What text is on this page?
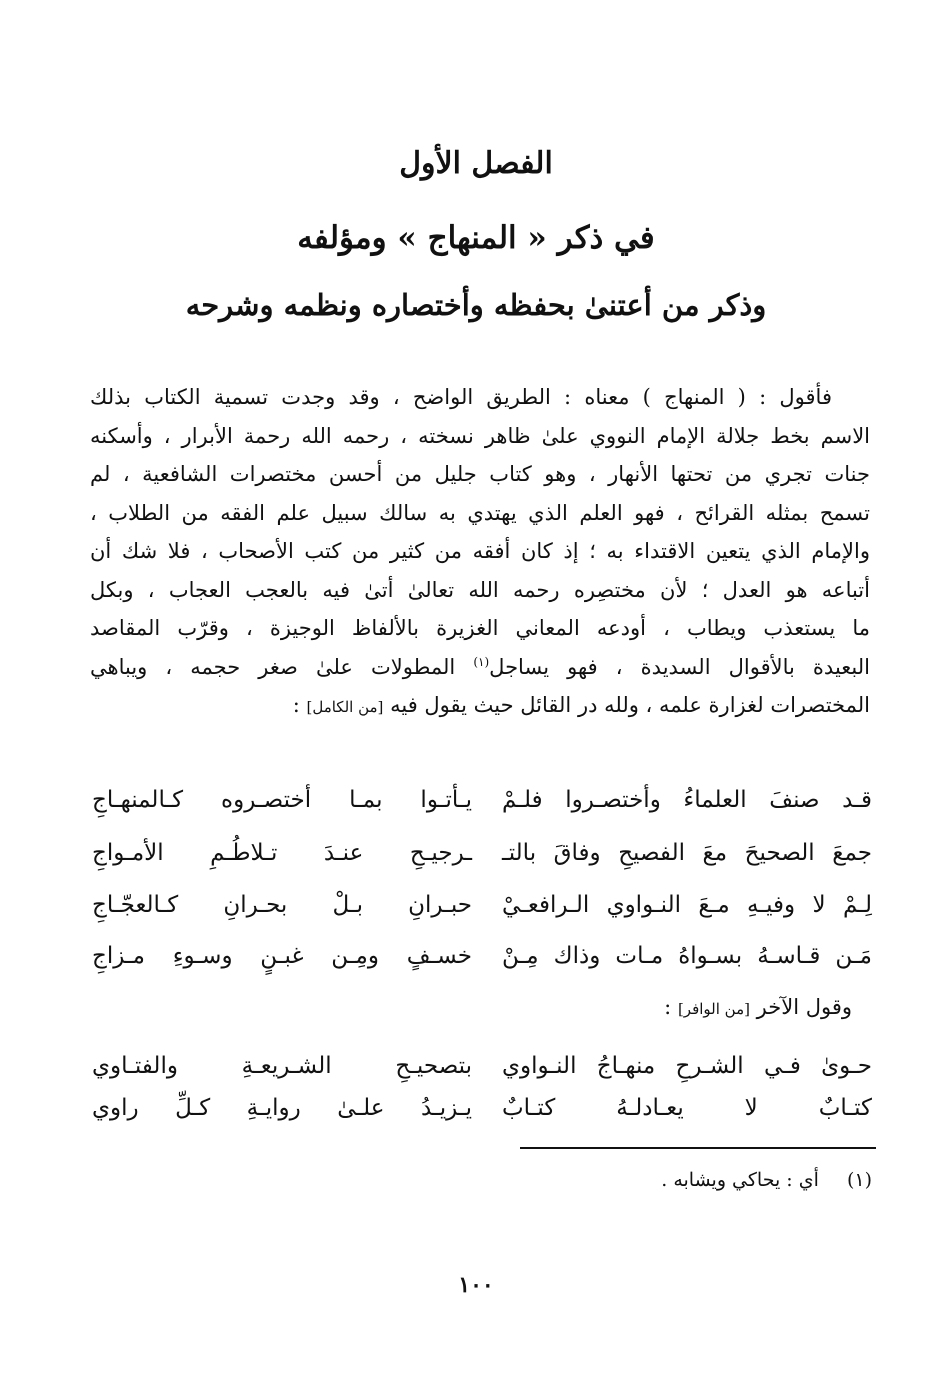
الفصل الأول
في ذكر « المنهاج » ومؤلفه
وذكر من أعتنىٰ بحفظه وأختصاره ونظمه وشرحه
فأقول : ( المنهاج ) معناه : الطريق الواضح ، وقد وجدت تسمية الكتاب بذلك
الاسم بخط جلالة الإمام النووي علىٰ ظاهر نسخته ، رحمه الله رحمة الأبرار ، وأسكنه
جنات تجري من تحتها الأنهار ، وهو كتاب جليل من أحسن مختصرات الشافعية ، لم
تسمح بمثله القرائح ، فهو العلم الذي يهتدي به سالك سبيل علم الفقه من الطلاب ،
والإمام الذي يتعين الاقتداء به ؛ إذ كان أفقه من كثير من كتب الأصحاب ، فلا شك أن
أتباعه هو العدل ؛ لأن مختصِره رحمه الله تعالىٰ أتىٰ فيه بالعجب العجاب ، وبكل
ما يستعذب ويطاب ، أودعه المعاني الغزيرة بالألفاظ الوجيزة ، وقرّب المقاصد
البعيدة بالأقوال السديدة ، فهو يساجل$^{(١)}$ المطولات علىٰ صغر حجمه ، ويباهي
المختصرات لغزارة علمه ، ولله در القائل حيث يقول فيه [من الكامل] :
قـد صنفَ العلماءُ وأختصـروا فلـمْ
يـأتـوا بمـا أختصـروه كـالمنهـاجِ
جمعَ الصحيحَ معَ الفصيحِ وفاقَ بالتـ
ـرجيـحِ عنـدَ تـلاطُـمِ الأمـواجِ
لِـمْ لا وفيـهِ مـعَ النـواوي الـرافعـيْ
حبـرانِ بـلْ بحـرانِ كـالعجّـاجِ
مَـن قـاسـهُ بسـواهُ مـات وذاك مِـنْ
خسـفٍ ومِـن غبـنٍ وسـوءِ مـزاجِ
وقول الآخر [من الوافر] :
حـوىٰ فـي الشـرحِ منهـاجُ النـواوي
بتصحيـحِ الشـريعـةِ والفتـاوي
كتـابٌ لا يعـادلـهُ كتـابٌ
يـزيـدُ علـىٰ روايـةِ كـلِّ راوي
(١) أي : يحاكي ويشابه .
١٠٠
